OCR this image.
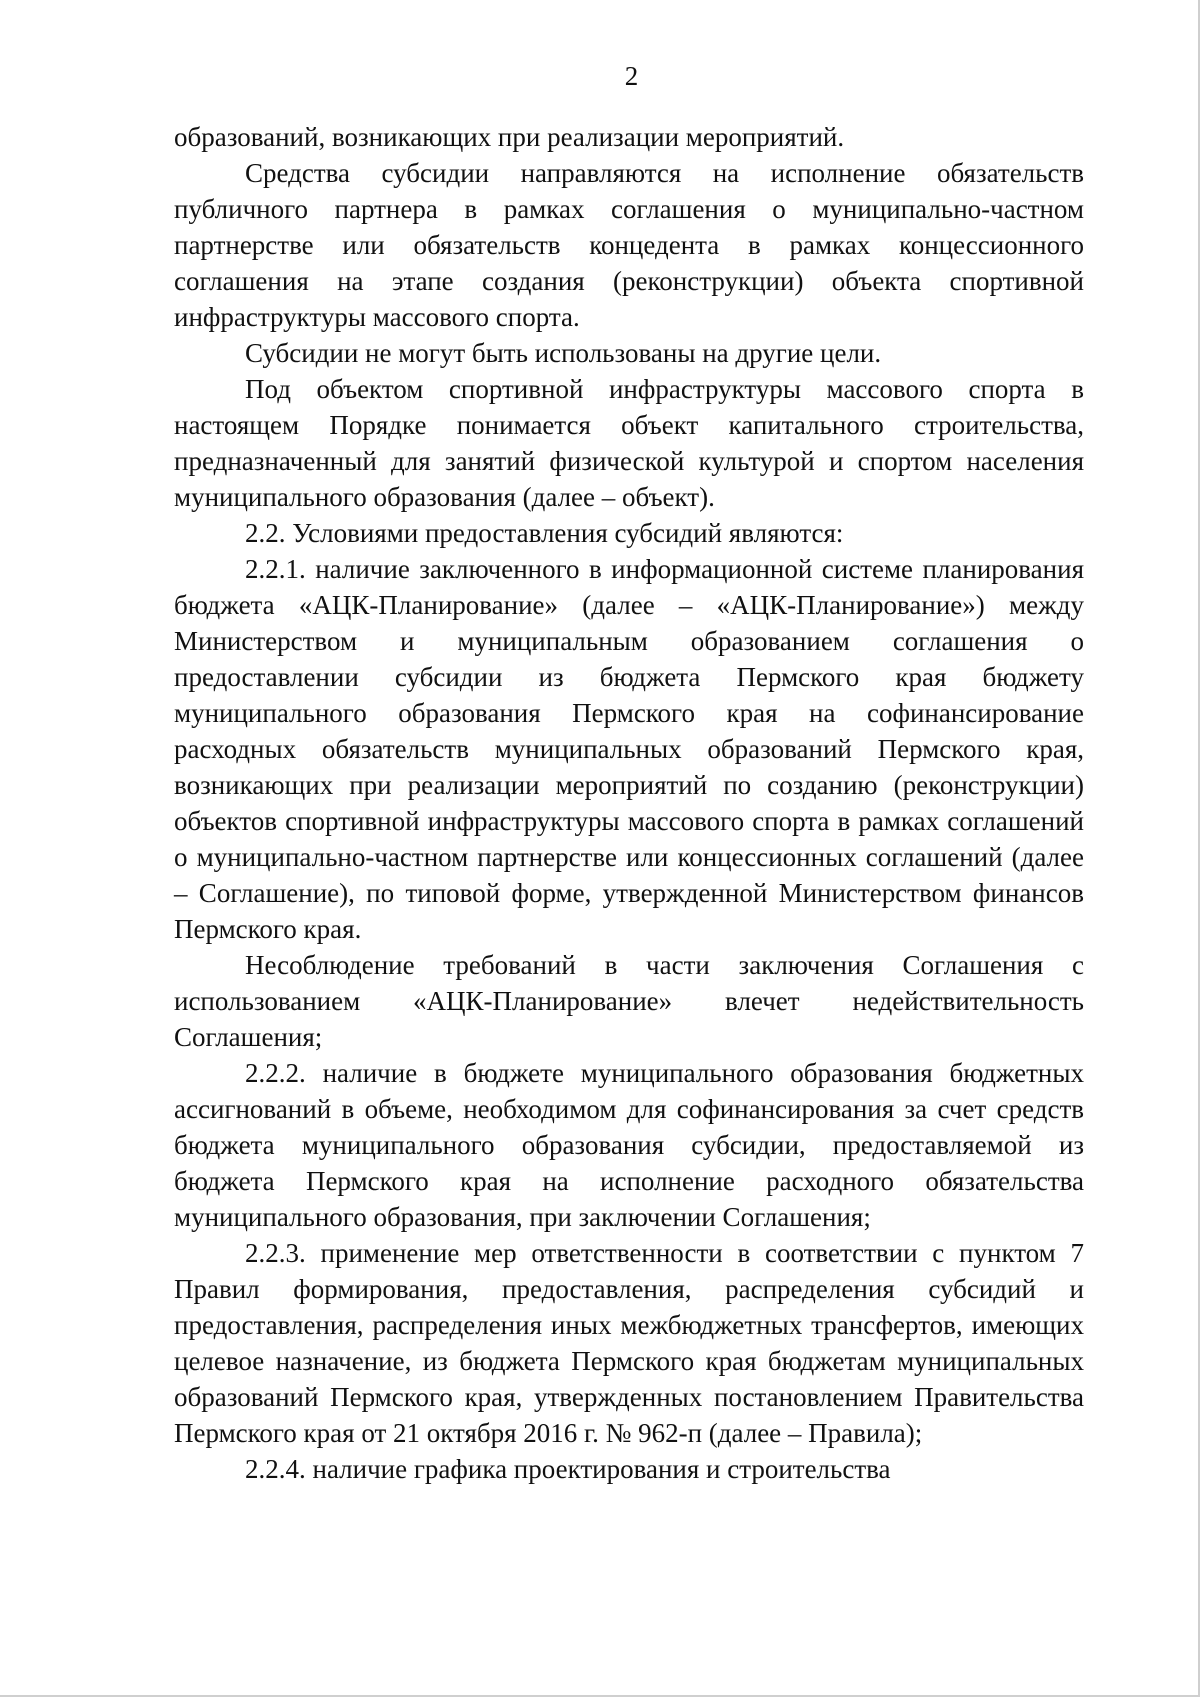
2

образований, возникающих при реализации мероприятий.

Средства субсидии направляются на исполнение обязательств публичного партнера в рамках соглашения о муниципально-частном партнерстве или обязательств концедента в рамках концессионного соглашения на этапе создания (реконструкции) объекта спортивной инфраструктуры массового спорта.

Субсидии не могут быть использованы на другие цели.

Под объектом спортивной инфраструктуры массового спорта в настоящем Порядке понимается объект капитального строительства, предназначенный для занятий физической культурой и спортом населения муниципального образования (далее – объект).

2.2. Условиями предоставления субсидий являются:

2.2.1. наличие заключенного в информационной системе планирования бюджета «АЦК-Планирование» (далее – «АЦК-Планирование») между Министерством и муниципальным образованием соглашения о предоставлении субсидии из бюджета Пермского края бюджету муниципального образования Пермского края на софинансирование расходных обязательств муниципальных образований Пермского края, возникающих при реализации мероприятий по созданию (реконструкции) объектов спортивной инфраструктуры массового спорта в рамках соглашений о муниципально-частном партнерстве или концессионных соглашений (далее – Соглашение), по типовой форме, утвержденной Министерством финансов Пермского края.

Несоблюдение требований в части заключения Соглашения с использованием «АЦК-Планирование» влечет недействительность Соглашения;

2.2.2. наличие в бюджете муниципального образования бюджетных ассигнований в объеме, необходимом для софинансирования за счет средств бюджета муниципального образования субсидии, предоставляемой из бюджета Пермского края на исполнение расходного обязательства муниципального образования, при заключении Соглашения;

2.2.3. применение мер ответственности в соответствии с пунктом 7 Правил формирования, предоставления, распределения субсидий и предоставления, распределения иных межбюджетных трансфертов, имеющих целевое назначение, из бюджета Пермского края бюджетам муниципальных образований Пермского края, утвержденных постановлением Правительства Пермского края от 21 октября 2016 г. № 962-п (далее – Правила);

2.2.4. наличие графика проектирования и строительства
